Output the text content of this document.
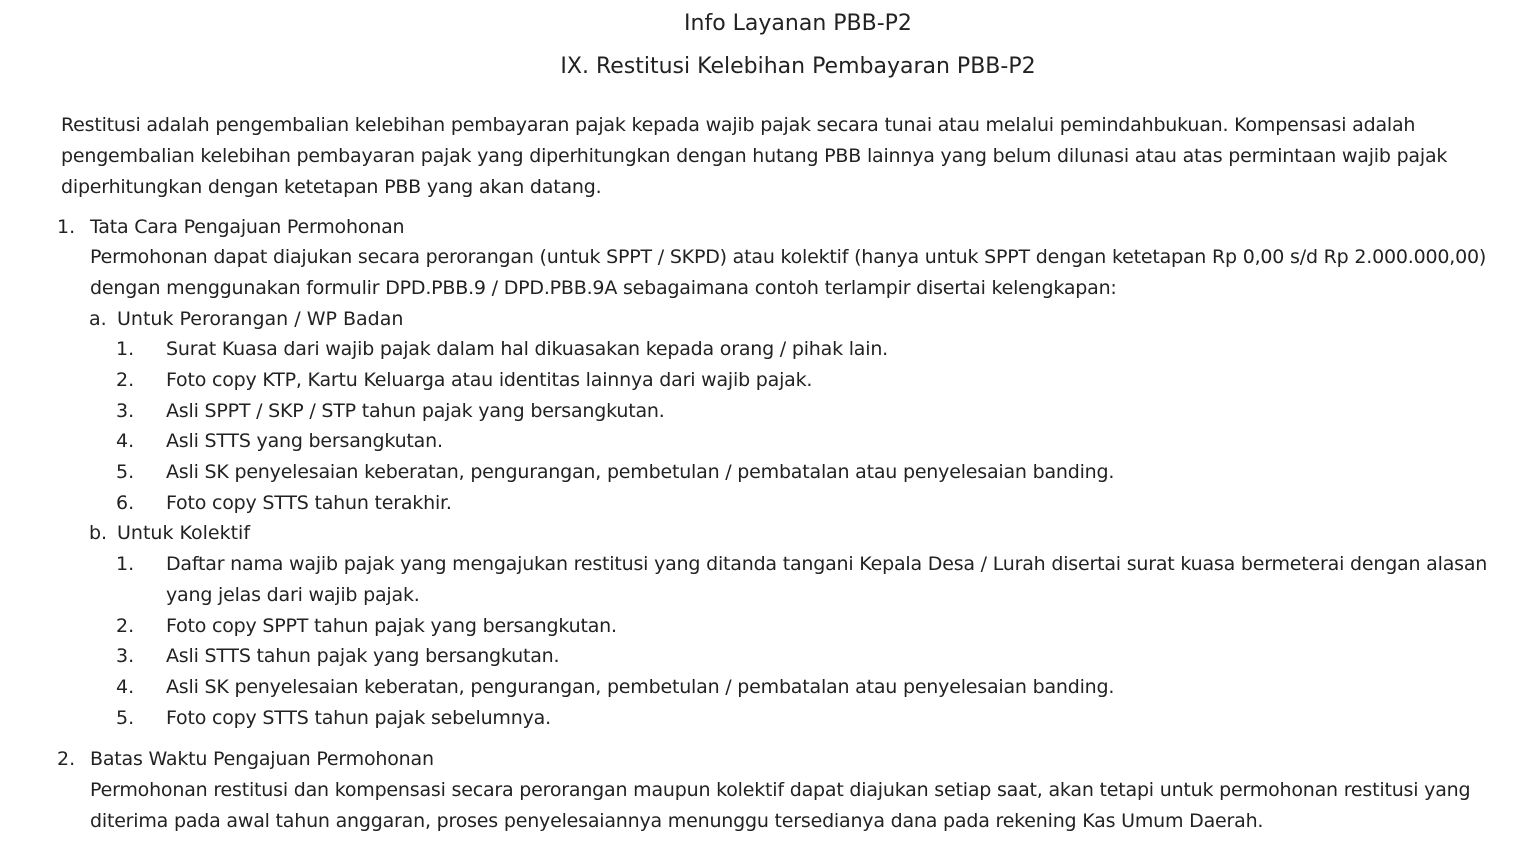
Info Layanan PBB-P2
IX. Restitusi Kelebihan Pembayaran PBB-P2
Restitusi adalah pengembalian kelebihan pembayaran pajak kepada wajib pajak secara tunai atau melalui pemindahbukuan. Kompensasi adalah pengembalian kelebihan pembayaran pajak yang diperhitungkan dengan hutang PBB lainnya yang belum dilunasi atau atas permintaan wajib pajak diperhitungkan dengan ketetapan PBB yang akan datang.
1. Tata Cara Pengajuan Permohonan
Permohonan dapat diajukan secara perorangan (untuk SPPT / SKPD) atau kolektif (hanya untuk SPPT dengan ketetapan Rp 0,00 s/d Rp 2.000.000,00) dengan menggunakan formulir DPD.PBB.9 / DPD.PBB.9A sebagaimana contoh terlampir disertai kelengkapan:
a. Untuk Perorangan / WP Badan
1. Surat Kuasa dari wajib pajak dalam hal dikuasakan kepada orang / pihak lain.
2. Foto copy KTP, Kartu Keluarga atau identitas lainnya dari wajib pajak.
3. Asli SPPT / SKP / STP tahun pajak yang bersangkutan.
4. Asli STTS yang bersangkutan.
5. Asli SK penyelesaian keberatan, pengurangan, pembetulan / pembatalan atau penyelesaian banding.
6. Foto copy STTS tahun terakhir.
b. Untuk Kolektif
1. Daftar nama wajib pajak yang mengajukan restitusi yang ditanda tangani Kepala Desa / Lurah disertai surat kuasa bermeterai dengan alasan yang jelas dari wajib pajak.
2. Foto copy SPPT tahun pajak yang bersangkutan.
3. Asli STTS tahun pajak yang bersangkutan.
4. Asli SK penyelesaian keberatan, pengurangan, pembetulan / pembatalan atau penyelesaian banding.
5. Foto copy STTS tahun pajak sebelumnya.
2. Batas Waktu Pengajuan Permohonan
Permohonan restitusi dan kompensasi secara perorangan maupun kolektif dapat diajukan setiap saat, akan tetapi untuk permohonan restitusi yang diterima pada awal tahun anggaran, proses penyelesaiannya menunggu tersedianya dana pada rekening Kas Umum Daerah.
